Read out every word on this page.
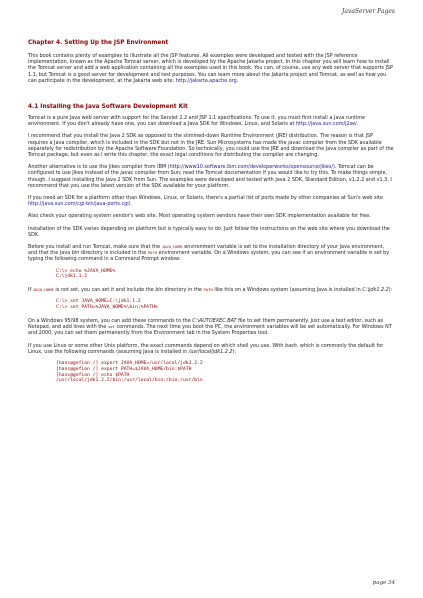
JavaServer Pages
Chapter 4. Setting Up the JSP Environment

This book contains plenty of examples to illustrate all the JSP features. All examples were developed and tested with the JSP reference implementation, known as the Apache Tomcat server, which is developed by the Apache Jakarta project. In this chapter you will learn how to install the Tomcat server and add a web application containing all the examples used in this book. You can, of course, use any web server that supports JSP 1.1, but Tomcat is a good server for development and test purposes. You can learn more about the Jakarta project and Tomcat, as well as how you can participate in the development, at the Jakarta web site: http://jakarta.apache.org.

4.1 Installing the Java Software Development Kit

Tomcat is a pure Java web server with support for the Servlet 2.2 and JSP 1.1 specifications. To use it, you must first install a Java runtime environment. If you don't already have one, you can download a Java SDK for Windows, Linux, and Solaris at http://java.sun.com/j2se/.

I recommend that you install the Java 2 SDK as opposed to the slimmed-down Runtime Environment (JRE) distribution. The reason is that JSP requires a Java compiler, which is included in the SDK but not in the JRE. Sun Microsystems has made the javac compiler from the SDK available separately for redistribution by the Apache Software Foundation. So technically, you could use the JRE and download the Java compiler as part of the Tomcat package, but even as I write this chapter, the exact legal conditions for distributing the compiler are changing.

Another alternative is to use the Jikes compiler from IBM (http://www10.software.ibm.com/developerworks/opensource/jikes/). Tomcat can be configured to use Jikes instead of the javac compiler from Sun; read the Tomcat documentation if you would like to try this. To make things simple, though, I suggest installing the Java 2 SDK from Sun. The examples were developed and tested with Java 2 SDK, Standard Edition, v1.2.2 and v1.3. I recommend that you use the latest version of the SDK available for your platform.

If you need an SDK for a platform other than Windows, Linux, or Solaris, there's a partial list of ports made by other companies at Sun's web site http://java.sun.com/cgi-bin/java-ports.cgi/.

Also check your operating system vendor's web site. Most operating system vendors have their own SDK implementation available for free.

Installation of the SDK varies depending on platform but is typically easy to do. Just follow the instructions on the web site where you download the SDK.

Before you install and run Tomcat, make sure that the JAVA_HOME environment variable is set to the installation directory of your Java environment, and that the Java bin directory is included in the PATH environment variable. On a Windows system, you can see if an environment variable is set by typing the following command in a Command Prompt window:

C:\> echo %JAVA_HOME%
C:\jdk1.1.2

If JAVA_HOME is not set, you can set it and include the bin directory in the PATH like this on a Windows system (assuming Java is installed in C:\jdk1.2.2):

C:\> set JAVA_HOME=C:\jdk1.1.2
C:\> set PATH=%JAVA_HOME%\bin;%PATH%

On a Windows 95/98 system, you can add these commands to the C:\AUTOEXEC.BAT file to set them permanently. Just use a text editor, such as Notepad, and add lines with the set commands. The next time you boot the PC, the environment variables will be set automatically. For Windows NT and 2000, you can set them permanently from the Environment tab in the System Properties tool.

If you use Linux or some other Unix platform, the exact commands depend on which shell you use. With bash, which is commonly the default for Linux, use the following commands (assuming Java is installed in /usr/local/jdk1.2.2):

[hans@gefion /] export JAVA_HOME=/usr/local/jdk1.2.2
[hans@gefion /] export PATH=$JAVA_HOME/bin:$PATH
[hans@gefion /] echo $PATH
/usr/local/jdk1.2.2/bin:/usr/local/bin:/bin:/usr/bin
page 34
